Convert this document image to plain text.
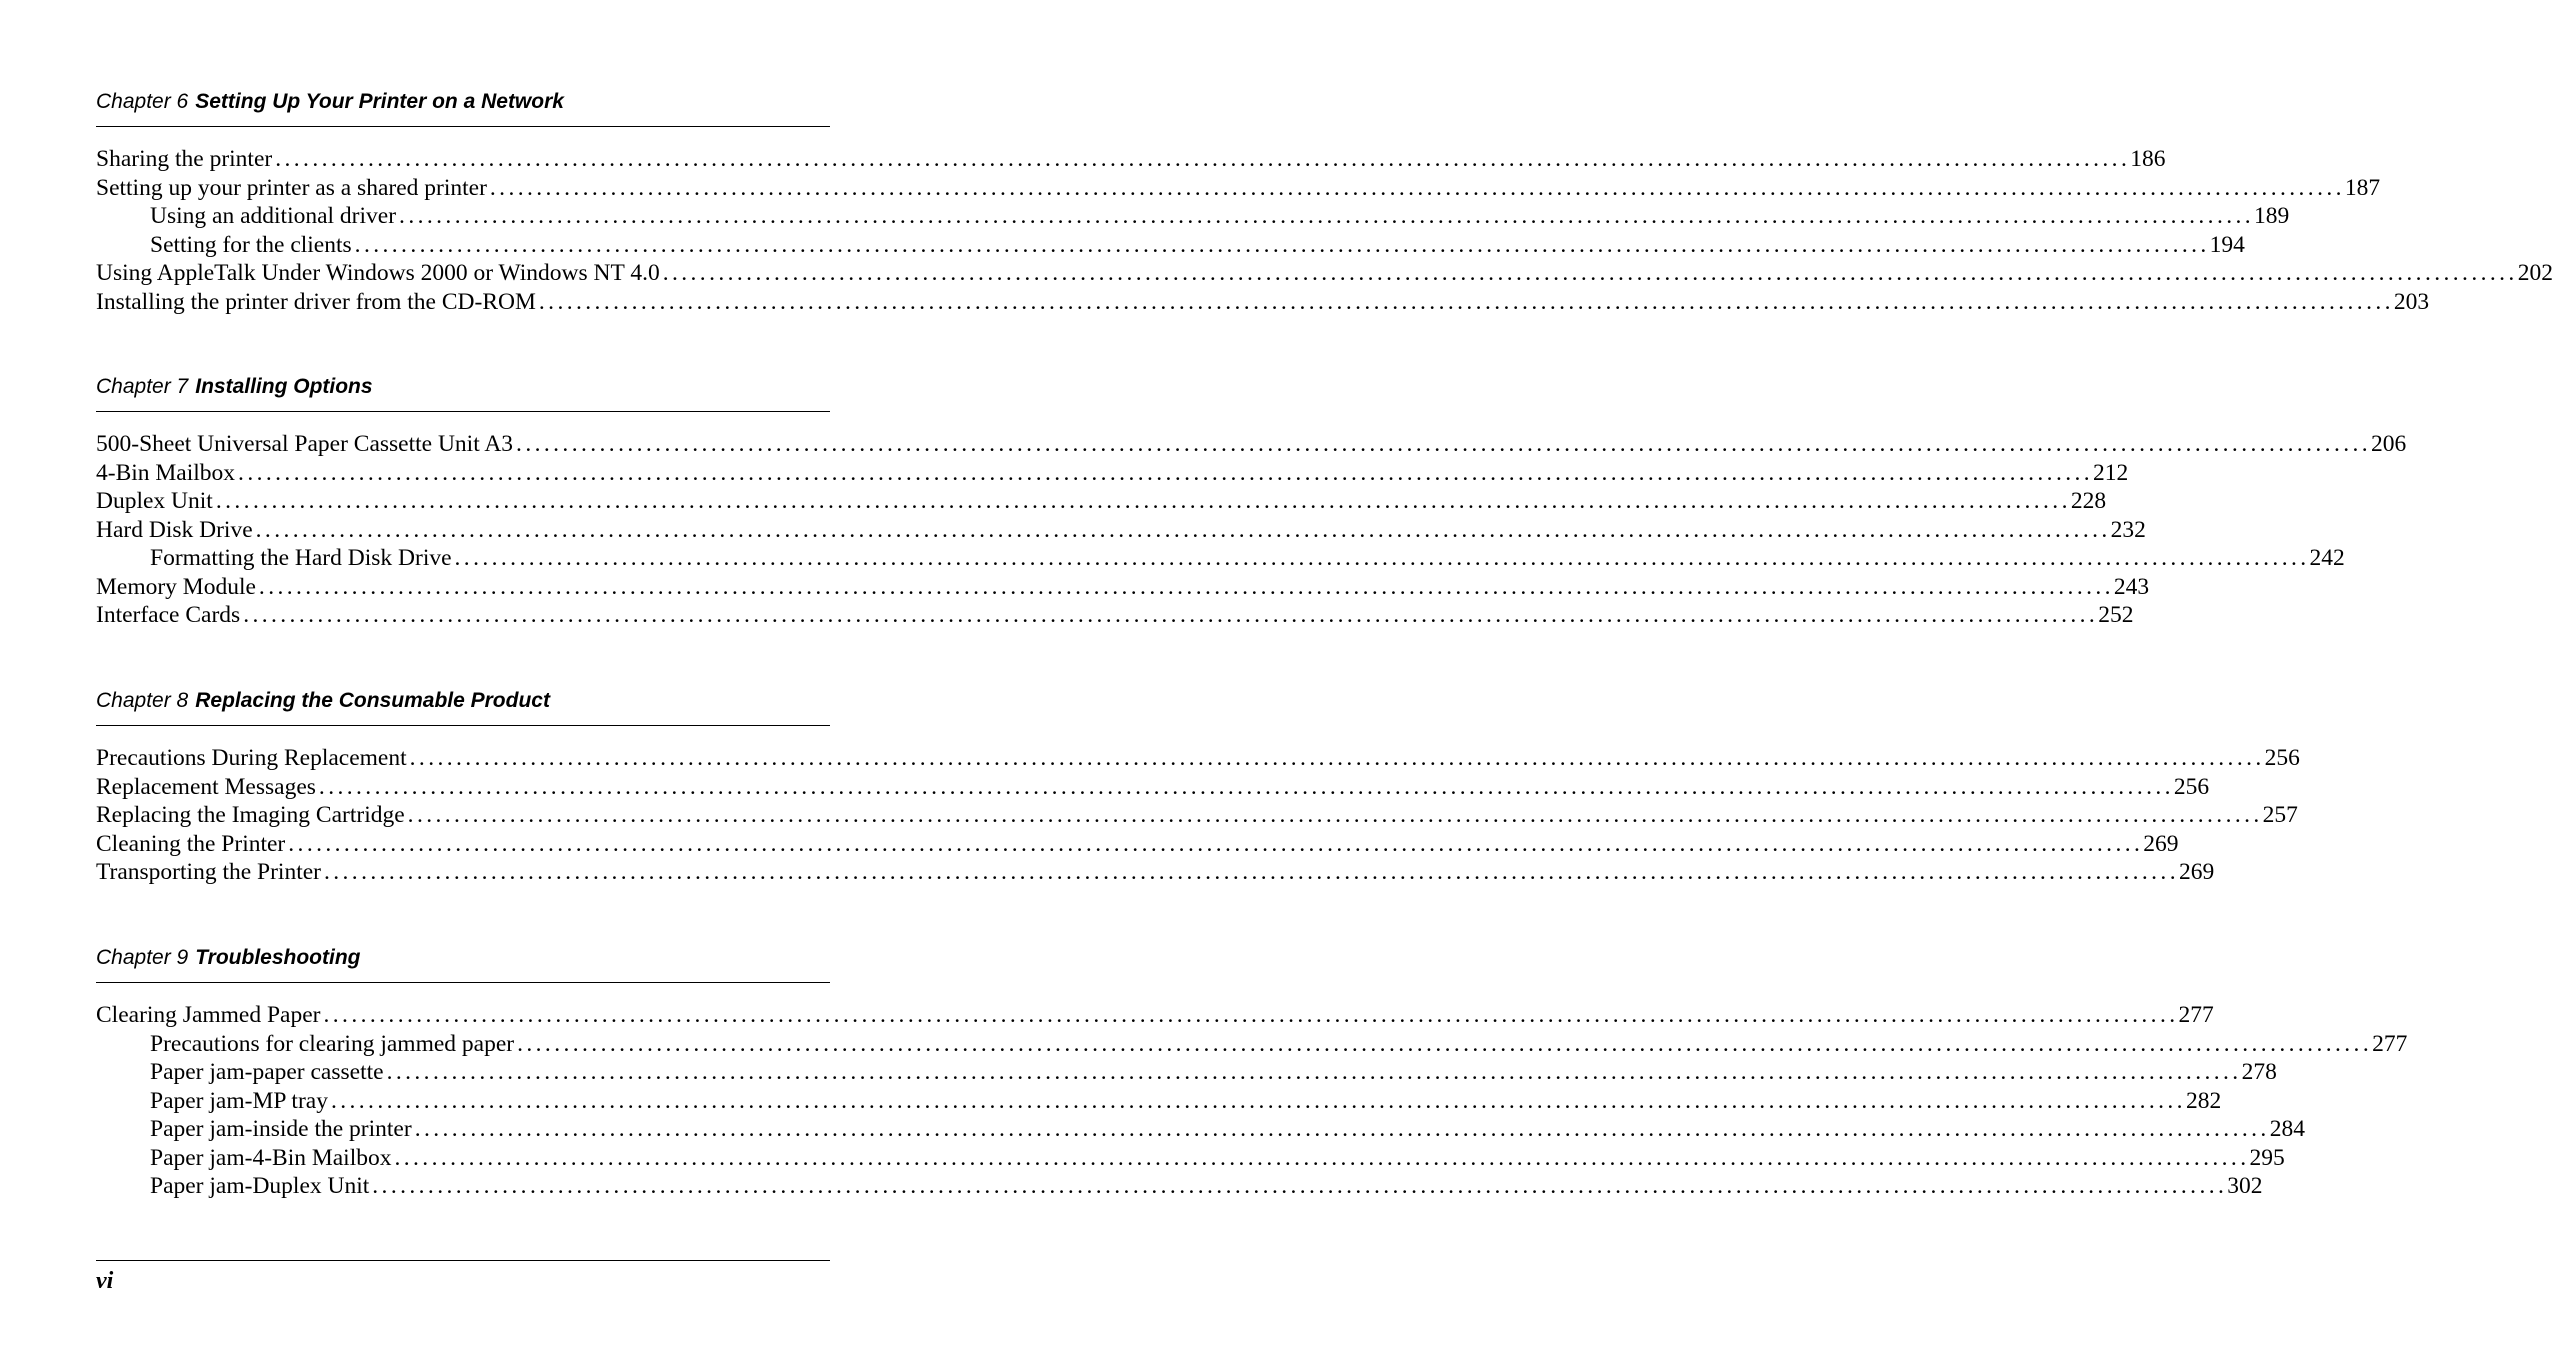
Chapter 6 Setting Up Your Printer on a Network
Sharing the printer ........................................................................................................................................................................................................ 186
Setting up your printer as a shared printer ........................................................................................................................................................................................................ 187
Using an additional driver ........................................................................................................................................................................................................ 189
Setting for the clients ........................................................................................................................................................................................................ 194
Using AppleTalk Under Windows 2000 or Windows NT 4.0 ........................................................................................................................................................................................................ 202
Installing the printer driver from the CD-ROM ........................................................................................................................................................................................................ 203
Chapter 7 Installing Options
500-Sheet Universal Paper Cassette Unit A3 ........................................................................................................................................................................................................ 206
4-Bin Mailbox ........................................................................................................................................................................................................ 212
Duplex Unit ........................................................................................................................................................................................................ 228
Hard Disk Drive ........................................................................................................................................................................................................ 232
Formatting the Hard Disk Drive ........................................................................................................................................................................................................ 242
Memory Module ........................................................................................................................................................................................................ 243
Interface Cards ........................................................................................................................................................................................................ 252
Chapter 8 Replacing the Consumable Product
Precautions During Replacement ........................................................................................................................................................................................................ 256
Replacement Messages ........................................................................................................................................................................................................ 256
Replacing the Imaging Cartridge ........................................................................................................................................................................................................ 257
Cleaning the Printer ........................................................................................................................................................................................................ 269
Transporting the Printer ........................................................................................................................................................................................................ 269
Chapter 9 Troubleshooting
Clearing Jammed Paper ........................................................................................................................................................................................................ 277
Precautions for clearing jammed paper ........................................................................................................................................................................................................ 277
Paper jam-paper cassette ........................................................................................................................................................................................................ 278
Paper jam-MP tray ........................................................................................................................................................................................................ 282
Paper jam-inside the printer ........................................................................................................................................................................................................ 284
Paper jam-4-Bin Mailbox ........................................................................................................................................................................................................ 295
Paper jam-Duplex Unit ........................................................................................................................................................................................................ 302
vi
